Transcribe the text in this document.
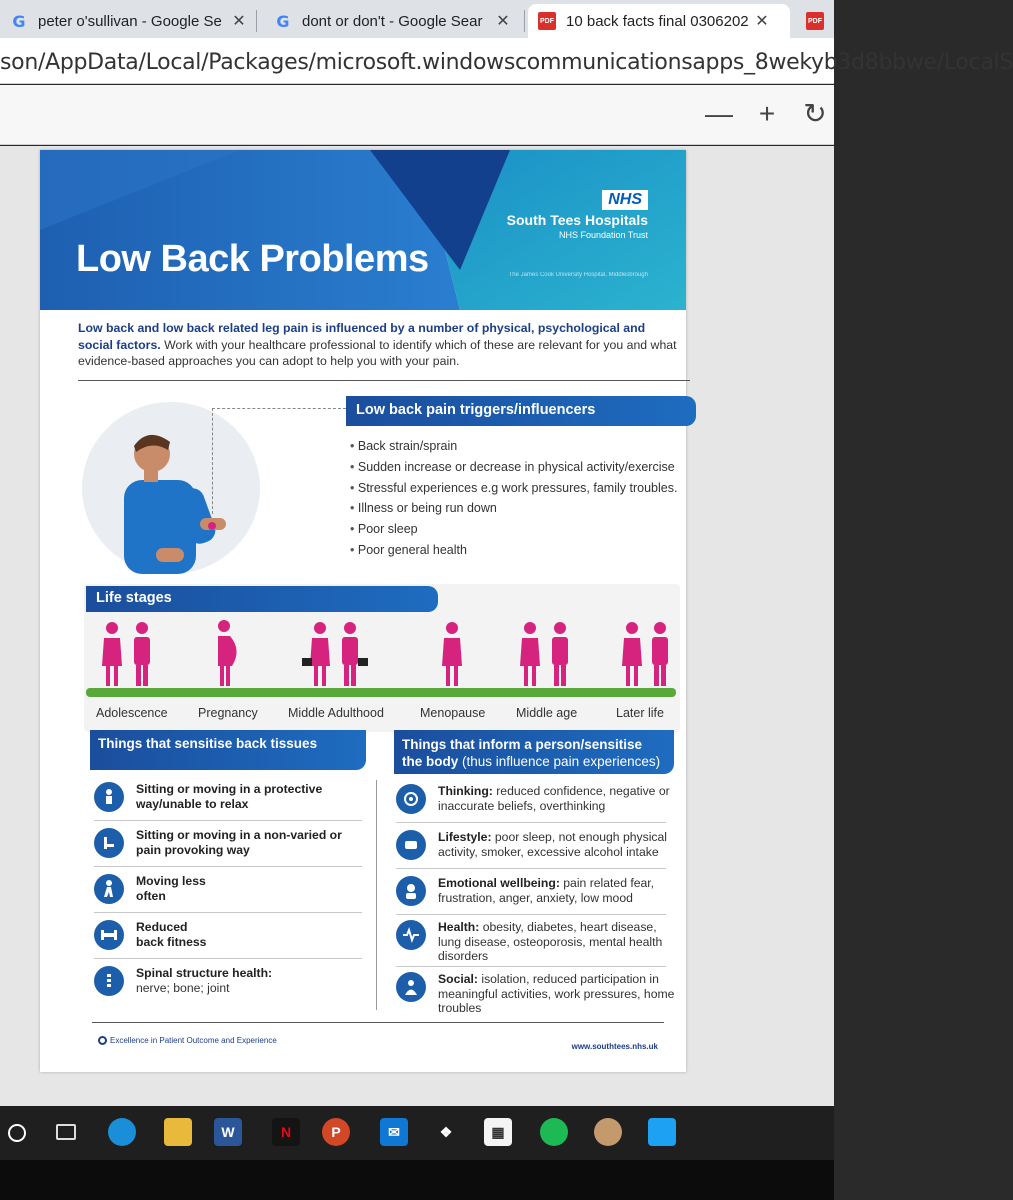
G peter o'sullivan - Google Se ✕ G dont or don't - Google Sear ✕	PDF 10 back facts final 0306202 ✕	PDF
son/AppData/Local/Packages/microsoft.windowscommunicationsapps_8wekyb3d8bbwe/LocalS
— + ↻
Low Back Problems
NHS
South Tees Hospitals
NHS Foundation Trust
The James Cook University Hospital, Middlesbrough
Low back and low back related leg pain is influenced by a number of physical, psychological and social factors. Work with your healthcare professional to identify which of these are relevant for you and what evidence-based approaches you can adopt to help you with your pain.
Low back pain triggers/influencers
• Back strain/sprain
• Sudden increase or decrease in physical activity/exercise
• Stressful experiences e.g work pressures, family troubles.
• Illness or being run down
• Poor sleep
• Poor general health
Life stages
Adolescence Pregnancy Middle Adulthood	Menopause Middle age	Later life
Things that sensitise back tissues	Things that inform a person/sensitise the body (thus influence pain experiences)
Sitting or moving in a protective way/unable to relax
Sitting or moving in a non-varied or pain provoking way
Moving less often
Reduced back fitness
Spinal structure health:
nerve; bone; joint
Thinking: reduced confidence, negative or inaccurate beliefs, overthinking
Lifestyle: poor sleep, not enough physical activity, smoker, excessive alcohol intake
Emotional wellbeing: pain related fear, frustration, anger, anxiety, low mood
Health: obesity, diabetes, heart disease, lung disease, osteoporosis, mental health disorders
Social: isolation, reduced participation in meaningful activities, work pressures, home troubles
Excellence in Patient Outcome and Experience
www.southtees.nhs.uk
W	N	P	✉	❖	▦
